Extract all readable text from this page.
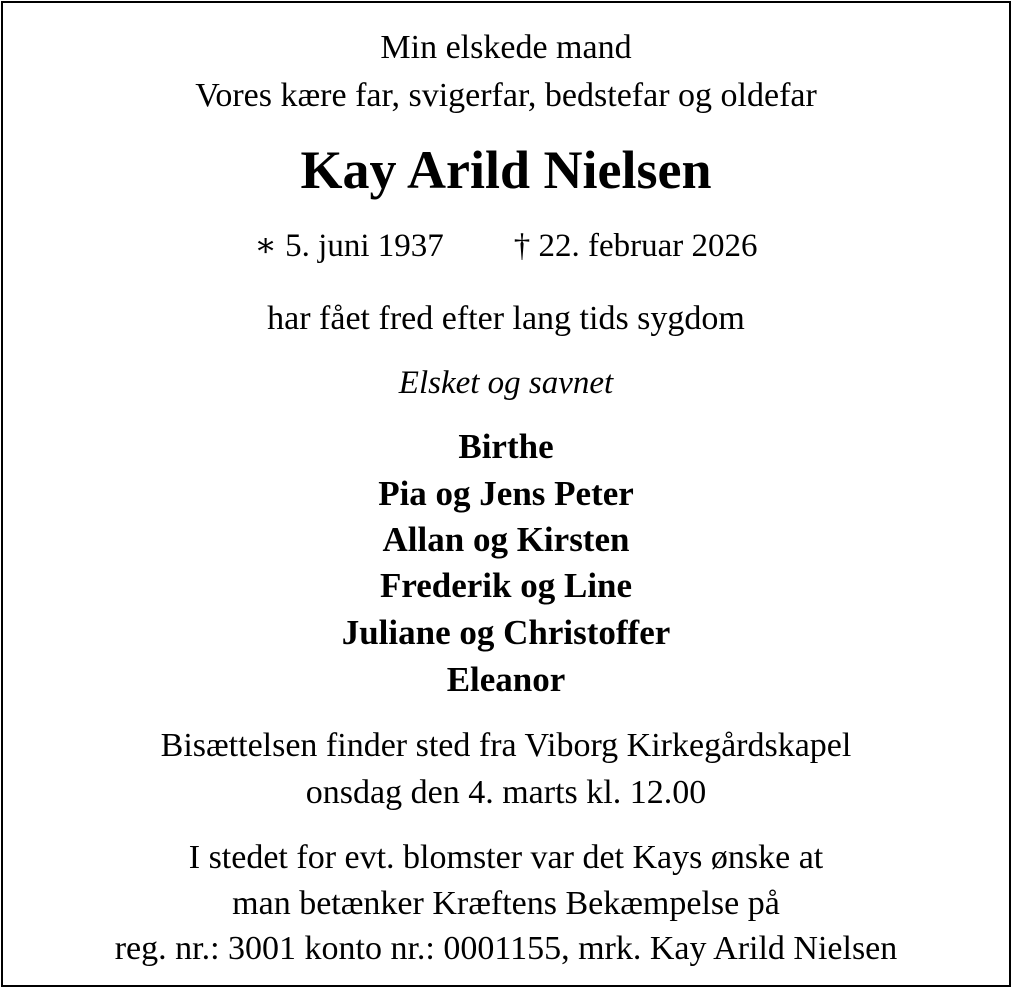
Min elskede mand
Vores kære far, svigerfar, bedstefar og oldefar
Kay Arild Nielsen
∗ 5. juni 1937 † 22. februar 2026
har fået fred efter lang tids sygdom
Elsket og savnet
Birthe
Pia og Jens Peter
Allan og Kirsten
Frederik og Line
Juliane og Christoffer
Eleanor
Bisættelsen finder sted fra Viborg Kirkegårdskapel
onsdag den 4. marts kl. 12.00
I stedet for evt. blomster var det Kays ønske at
man betænker Kræftens Bekæmpelse på
reg. nr.: 3001 konto nr.: 0001155, mrk. Kay Arild Nielsen
